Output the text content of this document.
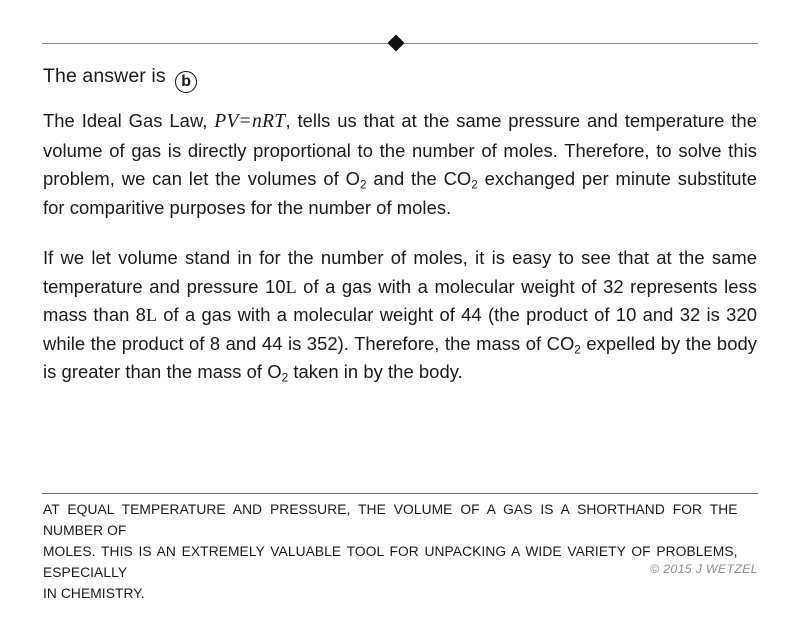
The answer is b

The Ideal Gas Law, PV=nRT, tells us that at the same pressure and temperature the volume of gas is directly proportional to the number of moles. Therefore, to solve this problem, we can let the volumes of $O_2$ and the $CO_2$ exchanged per minute substitute for comparitive purposes for the number of moles.

If we let volume stand in for the number of moles, it is easy to see that at the same temperature and pressure 10L of a gas with a molecular weight of 32 represents less mass than 8L of a gas with a molecular weight of 44 (the product of 10 and 32 is 320 while the product of 8 and 44 is 352). Therefore, the mass of $CO_2$ expelled by the body is greater than the mass of $O_2$ taken in by the body.

AT EQUAL TEMPERATURE AND PRESSURE, THE VOLUME OF A GAS IS A SHORTHAND FOR THE NUMBER OF
MOLES. THIS IS AN EXTREMELY VALUABLE TOOL FOR UNPACKING A WIDE VARIETY OF PROBLEMS, ESPECIALLY
IN CHEMISTRY.
© 2015 J WETZEL
